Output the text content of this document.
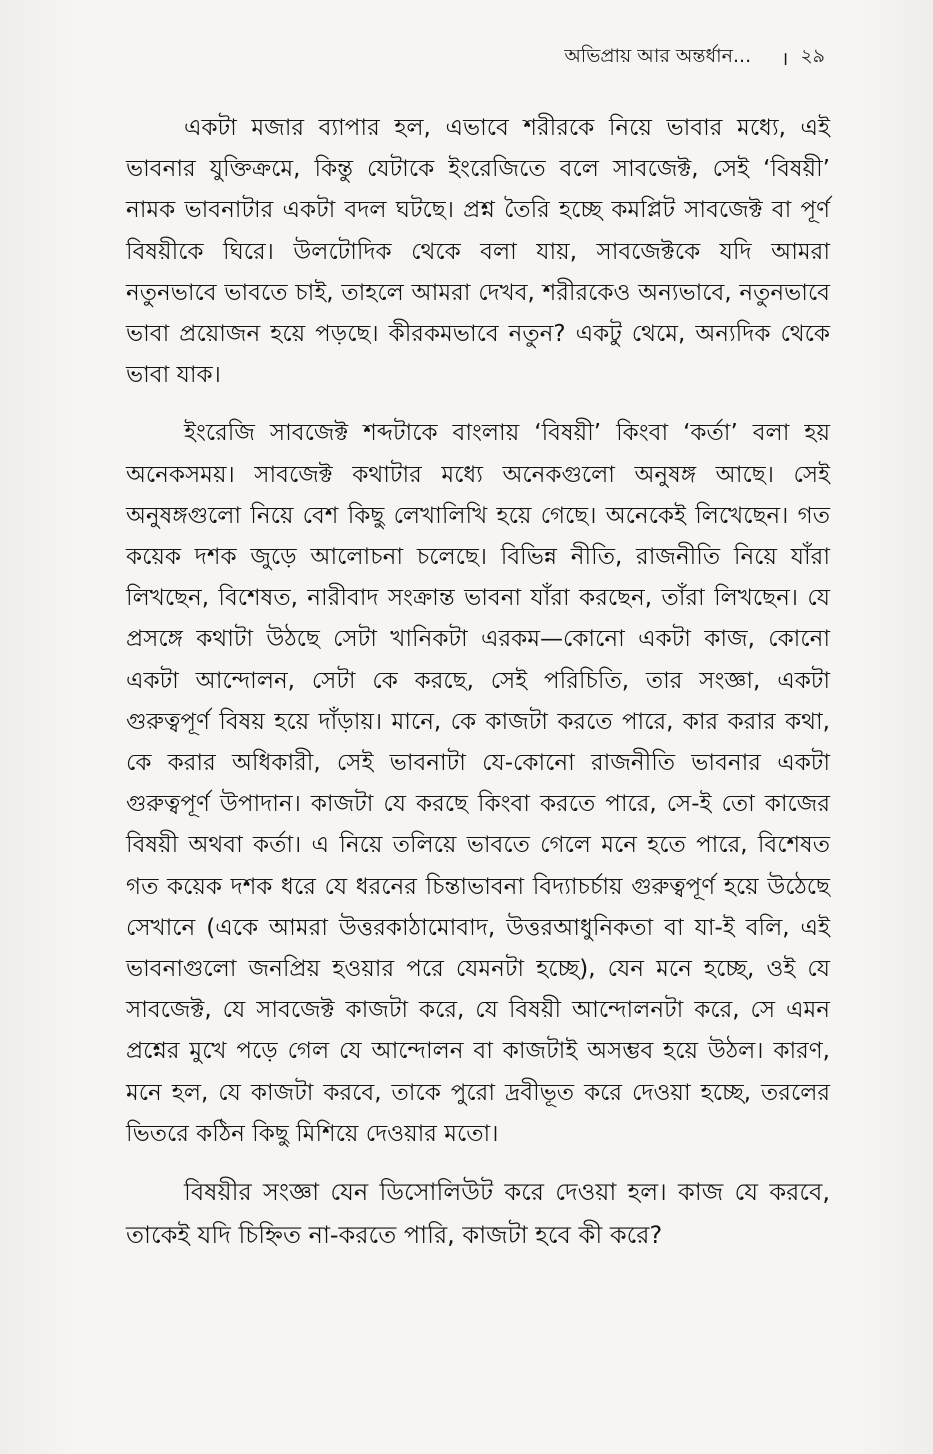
অভিপ্রায় আর অন্তর্ধান... । ২৯

একটা মজার ব্যাপার হল, এভাবে শরীরকে নিয়ে ভাবার মধ্যে, এই ভাবনার যুক্তিক্রমে, কিন্তু যেটাকে ইংরেজিতে বলে সাবজেক্ট, সেই ‘বিষয়ী’ নামক ভাবনাটার একটা বদল ঘটছে। প্রশ্ন তৈরি হচ্ছে কমপ্লিট সাবজেক্ট বা পূর্ণ বিষয়ীকে ঘিরে। উলটোদিক থেকে বলা যায়, সাবজেক্টকে যদি আমরা নতুনভাবে ভাবতে চাই, তাহলে আমরা দেখব, শরীরকেও অন্যভাবে, নতুনভাবে ভাবা প্রয়োজন হয়ে পড়ছে। কীরকমভাবে নতুন? একটু থেমে, অন্যদিক থেকে ভাবা যাক।

ইংরেজি সাবজেক্ট শব্দটাকে বাংলায় ‘বিষয়ী’ কিংবা ‘কর্তা’ বলা হয় অনেকসময়। সাবজেক্ট কথাটার মধ্যে অনেকগুলো অনুষঙ্গ আছে। সেই অনুষঙ্গগুলো নিয়ে বেশ কিছু লেখালিখি হয়ে গেছে। অনেকেই লিখেছেন। গত কয়েক দশক জুড়ে আলোচনা চলেছে। বিভিন্ন নীতি, রাজনীতি নিয়ে যাঁরা লিখছেন, বিশেষত, নারীবাদ সংক্রান্ত ভাবনা যাঁরা করছেন, তাঁরা লিখছেন। যে প্রসঙ্গে কথাটা উঠছে সেটা খানিকটা এরকম—কোনো একটা কাজ, কোনো একটা আন্দোলন, সেটা কে করছে, সেই পরিচিতি, তার সংজ্ঞা, একটা গুরুত্বপূর্ণ বিষয় হয়ে দাঁড়ায়। মানে, কে কাজটা করতে পারে, কার করার কথা, কে করার অধিকারী, সেই ভাবনাটা যে-কোনো রাজনীতি ভাবনার একটা গুরুত্বপূর্ণ উপাদান। কাজটা যে করছে কিংবা করতে পারে, সে-ই তো কাজের বিষয়ী অথবা কর্তা। এ নিয়ে তলিয়ে ভাবতে গেলে মনে হতে পারে, বিশেষত গত কয়েক দশক ধরে যে ধরনের চিন্তাভাবনা বিদ্যাচর্চায় গুরুত্বপূর্ণ হয়ে উঠেছে সেখানে (একে আমরা উত্তরকাঠামোবাদ, উত্তরআধুনিকতা বা যা-ই বলি, এই ভাবনাগুলো জনপ্রিয় হওয়ার পরে যেমনটা হচ্ছে), যেন মনে হচ্ছে, ওই যে সাবজেক্ট, যে সাবজেক্ট কাজটা করে, যে বিষয়ী আন্দোলনটা করে, সে এমন প্রশ্নের মুখে পড়ে গেল যে আন্দোলন বা কাজটাই অসম্ভব হয়ে উঠল। কারণ, মনে হল, যে কাজটা করবে, তাকে পুরো দ্রবীভূত করে দেওয়া হচ্ছে, তরলের ভিতরে কঠিন কিছু মিশিয়ে দেওয়ার মতো।

বিষয়ীর সংজ্ঞা যেন ডিসোলিউট করে দেওয়া হল। কাজ যে করবে, তাকেই যদি চিহ্নিত না-করতে পারি, কাজটা হবে কী করে?
